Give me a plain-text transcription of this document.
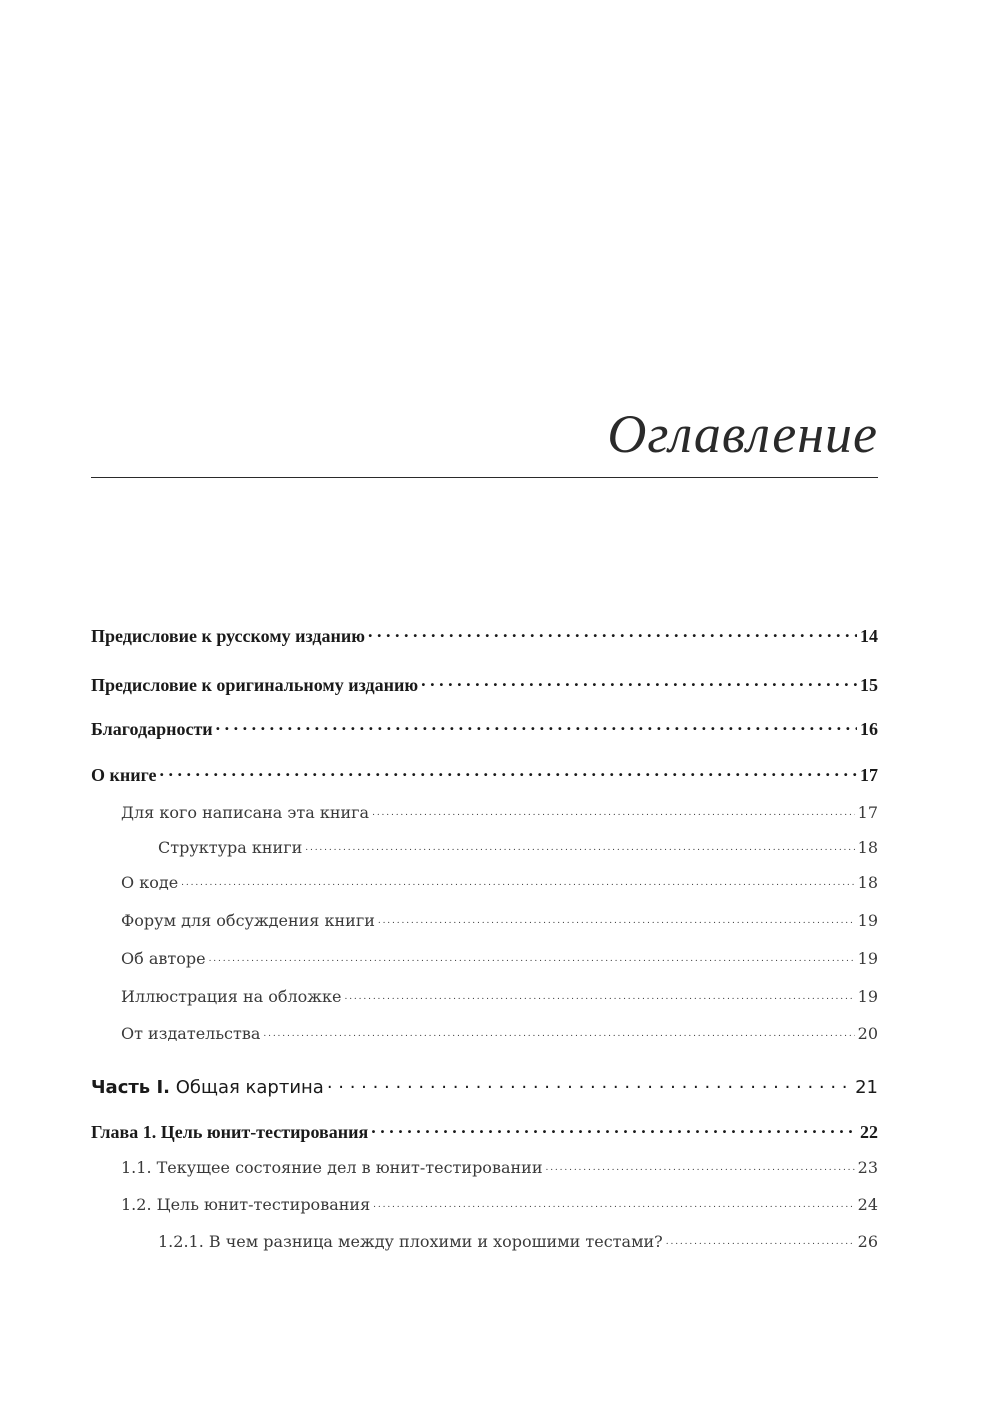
Оглавление
Предисловие к русскому изданию . . .	14
Предисловие к оригинальному изданию . . .	15
Благодарности . . .	16
О книге . . .	17
Для кого написана эта книга . . .	17
Структура книги . . .	18
О коде . . .	18
Форум для обсуждения книги . . .	19
Об авторе . . .	19
Иллюстрация на обложке . . .	19
От издательства . . .	20
Часть I. Общая картина . . .	21
Глава 1. Цель юнит-тестирования . . .	22
1.1. Текущее состояние дел в юнит-тестировании . . .	23
1.2. Цель юнит-тестирования . . .	24
1.2.1. В чем разница между плохими и хорошими тестами? . . .	26
